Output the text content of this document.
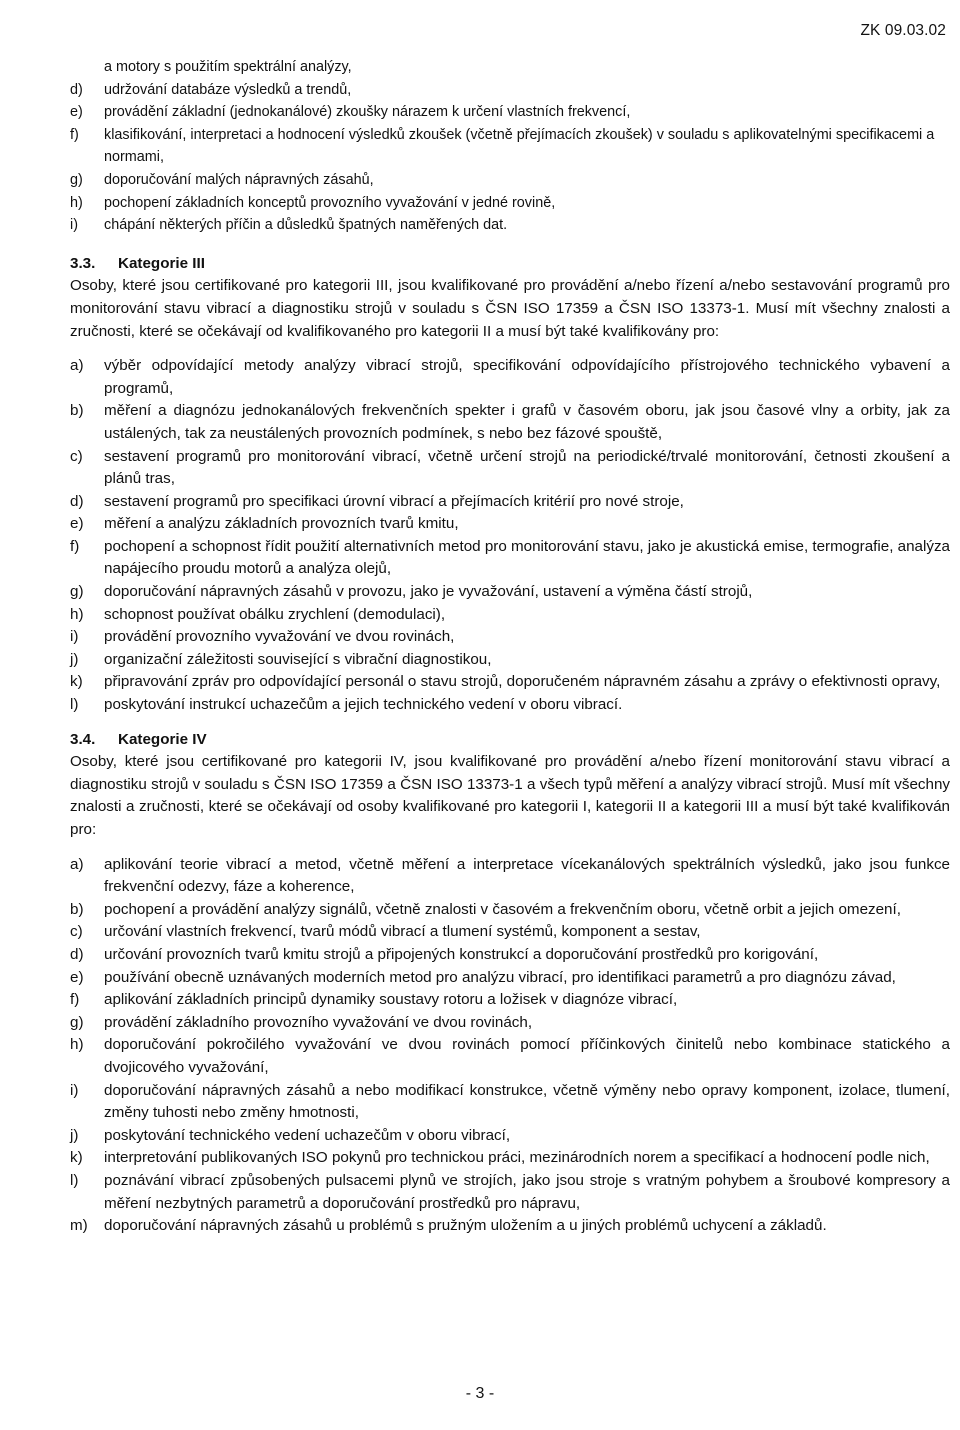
ZK 09.03.02
a motory s použitím spektrální analýzy,
d)	udržování databáze výsledků a trendů,
e)	provádění základní (jednokanálové) zkoušky nárazem k určení vlastních frekvencí,
f)	klasifikování, interpretaci a hodnocení výsledků zkoušek (včetně přejímacích zkoušek) v souladu s aplikovatelnými specifikacemi a normami,
g)	doporučování malých nápravných zásahů,
h)	pochopení základních konceptů provozního vyvažování v jedné rovině,
i)	chápání některých příčin a důsledků špatných naměřených dat.
3.3.	Kategorie III

Osoby, které jsou certifikované pro kategorii III, jsou kvalifikované pro provádění a/nebo řízení a/nebo sestavování programů pro monitorování stavu vibrací a diagnostiku strojů v souladu s ČSN ISO 17359 a ČSN ISO 13373-1. Musí mít všechny znalosti a zručnosti, které se očekávají od kvalifikovaného pro kategorii II a musí být také kvalifikovány pro:

a)	výběr odpovídající metody analýzy vibrací strojů, specifikování odpovídajícího přístrojového technického vybavení a programů,
b)	měření a diagnózu jednokanálových frekvenčních spekter i grafů v časovém oboru, jak jsou časové vlny a orbity, jak za ustálených, tak za neustálených provozních podmínek, s nebo bez fázové spouště,
c)	sestavení programů pro monitorování vibrací, včetně určení strojů na periodické/trvalé monitorování, četnosti zkoušení a plánů tras,
d)	sestavení programů pro specifikaci úrovní vibrací a přejímacích kritérií pro nové stroje,
e)	měření a analýzu základních provozních tvarů kmitu,
f)	pochopení a schopnost řídit použití alternativních metod pro monitorování stavu, jako je akustická emise, termografie, analýza napájecího proudu motorů a analýza olejů,
g)	doporučování nápravných zásahů v provozu, jako je vyvažování, ustavení a výměna částí strojů,
h)	schopnost používat obálku zrychlení (demodulaci),
i)	provádění provozního vyvažování ve dvou rovinách,
j)	organizační záležitosti související s vibrační diagnostikou,
k)	připravování zpráv pro odpovídající personál o stavu strojů, doporučeném nápravném zásahu a zprávy o efektivnosti opravy,
l)	poskytování instrukcí uchazečům a jejich technického vedení v oboru vibrací.
3.4.	Kategorie IV

Osoby, které jsou certifikované pro kategorii IV, jsou kvalifikované pro provádění a/nebo řízení monitorování stavu vibrací a diagnostiku strojů v souladu s ČSN ISO 17359 a ČSN ISO 13373-1 a všech typů měření a analýzy vibrací strojů. Musí mít všechny znalosti a zručnosti, které se očekávají od osoby kvalifikované pro kategorii I, kategorii II a kategorii III a musí být také kvalifikován pro:

a)	aplikování teorie vibrací a metod, včetně měření a interpretace vícekanálových spektrálních výsledků, jako jsou funkce frekvenční odezvy, fáze a koherence,
b)	pochopení a provádění analýzy signálů, včetně znalosti v časovém a frekvenčním oboru, včetně orbit a jejich omezení,
c)	určování vlastních frekvencí, tvarů módů vibrací a tlumení systémů, komponent a sestav,
d)	určování provozních tvarů kmitu strojů a připojených konstrukcí a doporučování prostředků pro korigování,
e)	používání obecně uznávaných moderních metod pro analýzu vibrací, pro identifikaci parametrů a pro diagnózu závad,
f)	aplikování základních principů dynamiky soustavy rotoru a ložisek v diagnóze vibrací,
g)	provádění základního provozního vyvažování ve dvou rovinách,
h)	doporučování pokročilého vyvažování ve dvou rovinách pomocí příčinkových činitelů nebo kombinace statického a dvojicového vyvažování,
i)	doporučování nápravných zásahů a nebo modifikací konstrukce, včetně výměny nebo opravy komponent, izolace, tlumení, změny tuhosti nebo změny hmotnosti,
j)	poskytování technického vedení uchazečům v oboru vibrací,
k)	interpretování publikovaných ISO pokynů pro technickou práci, mezinárodních norem a specifikací a hodnocení podle nich,
l)	poznávání vibrací způsobených pulsacemi plynů ve strojích, jako jsou stroje s vratným pohybem a šroubové kompresory a měření nezbytných parametrů a doporučování prostředků pro nápravu,
m)	doporučování nápravných zásahů u problémů s pružným uložením a u jiných problémů uchycení a základů.
- 3 -
